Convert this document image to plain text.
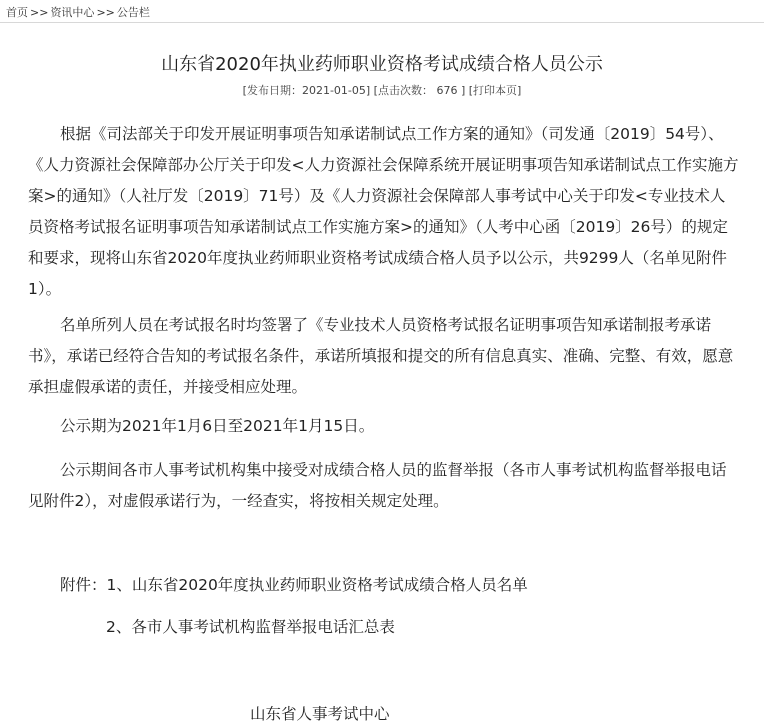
首页 >> 资讯中心 >> 公告栏
山东省2020年执业药师职业资格考试成绩合格人员公示
[发布日期：2021-01-05] [点击次数： 676 ] [打印本页]

根据《司法部关于印发开展证明事项告知承诺制试点工作方案的通知》（司发通〔2019〕54号）、《人力资源社会保障部办公厅关于印发<人力资源社会保障系统开展证明事项告知承诺制试点工作实施方案>的通知》（人社厅发〔2019〕71号）及《人力资源社会保障部人事考试中心关于印发<专业技术人员资格考试报名证明事项告知承诺制试点工作实施方案>的通知》（人考中心函〔2019〕26号）的规定和要求，现将山东省2020年度执业药师职业资格考试成绩合格人员予以公示，共9299人（名单见附件1）。

名单所列人员在考试报名时均签署了《专业技术人员资格考试报名证明事项告知承诺制报考承诺书》，承诺已经符合告知的考试报名条件，承诺所填报和提交的所有信息真实、准确、完整、有效，愿意承担虚假承诺的责任，并接受相应处理。

公示期为2021年1月6日至2021年1月15日。

公示期间各市人事考试机构集中接受对成绩合格人员的监督举报（各市人事考试机构监督举报电话见附件2），对虚假承诺行为，一经查实，将按相关规定处理。

附件：1、山东省2020年度执业药师职业资格考试成绩合格人员名单
2、各市人事考试机构监督举报电话汇总表
山东省人事考试中心
